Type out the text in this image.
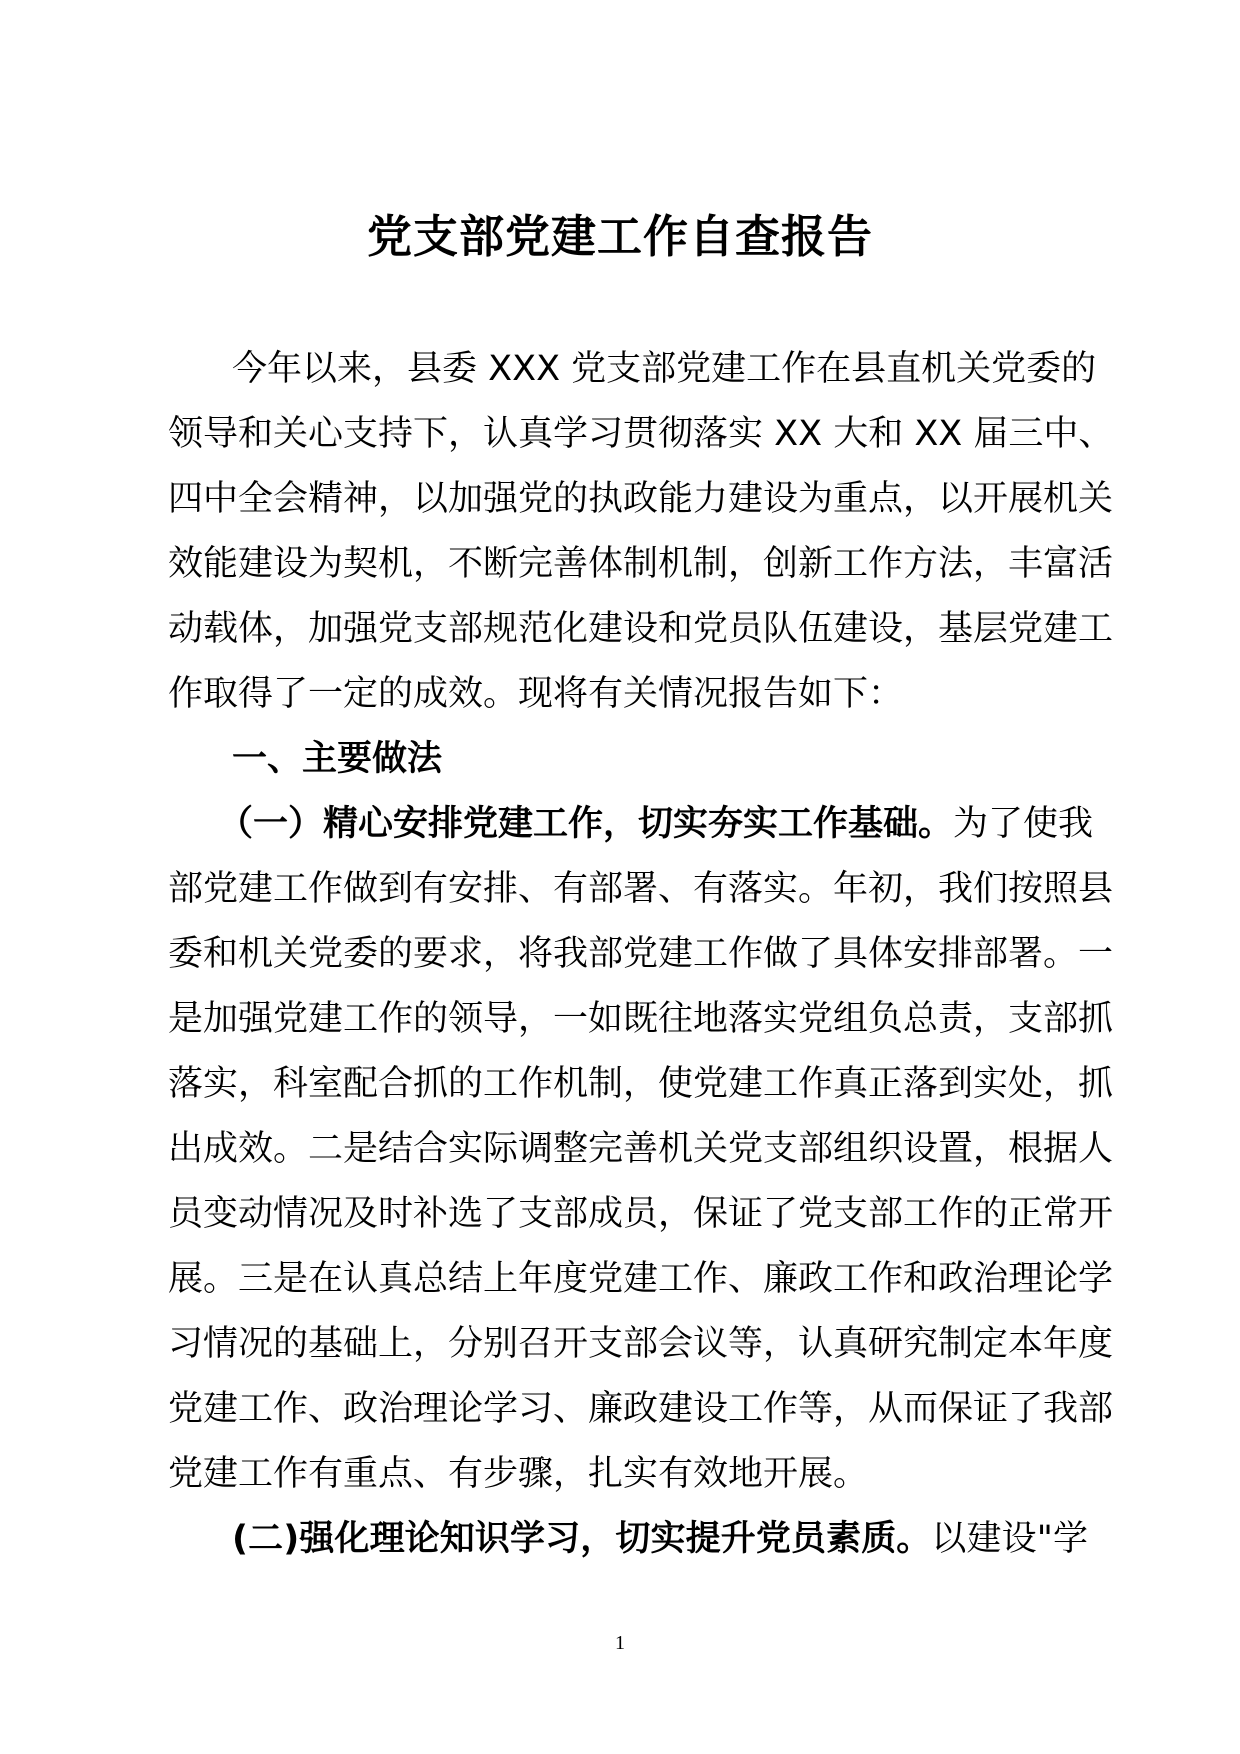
党支部党建工作自查报告
今年以来，县委 XXX 党支部党建工作在县直机关党委的
领导和关心支持下，认真学习贯彻落实 XX 大和 XX 届三中、
四中全会精神，以加强党的执政能力建设为重点，以开展机关
效能建设为契机，不断完善体制机制，创新工作方法，丰富活
动载体，加强党支部规范化建设和党员队伍建设，基层党建工
作取得了一定的成效。现将有关情况报告如下：
一、主要做法
（一）精心安排党建工作，切实夯实工作基础。为了使我
部党建工作做到有安排、有部署、有落实。年初，我们按照县
委和机关党委的要求，将我部党建工作做了具体安排部署。一
是加强党建工作的领导，一如既往地落实党组负总责，支部抓
落实，科室配合抓的工作机制，使党建工作真正落到实处，抓
出成效。二是结合实际调整完善机关党支部组织设置，根据人
员变动情况及时补选了支部成员，保证了党支部工作的正常开
展。三是在认真总结上年度党建工作、廉政工作和政治理论学
习情况的基础上，分别召开支部会议等，认真研究制定本年度
党建工作、政治理论学习、廉政建设工作等，从而保证了我部
党建工作有重点、有步骤，扎实有效地开展。
(二)强化理论知识学习，切实提升党员素质。以建设"学
1
